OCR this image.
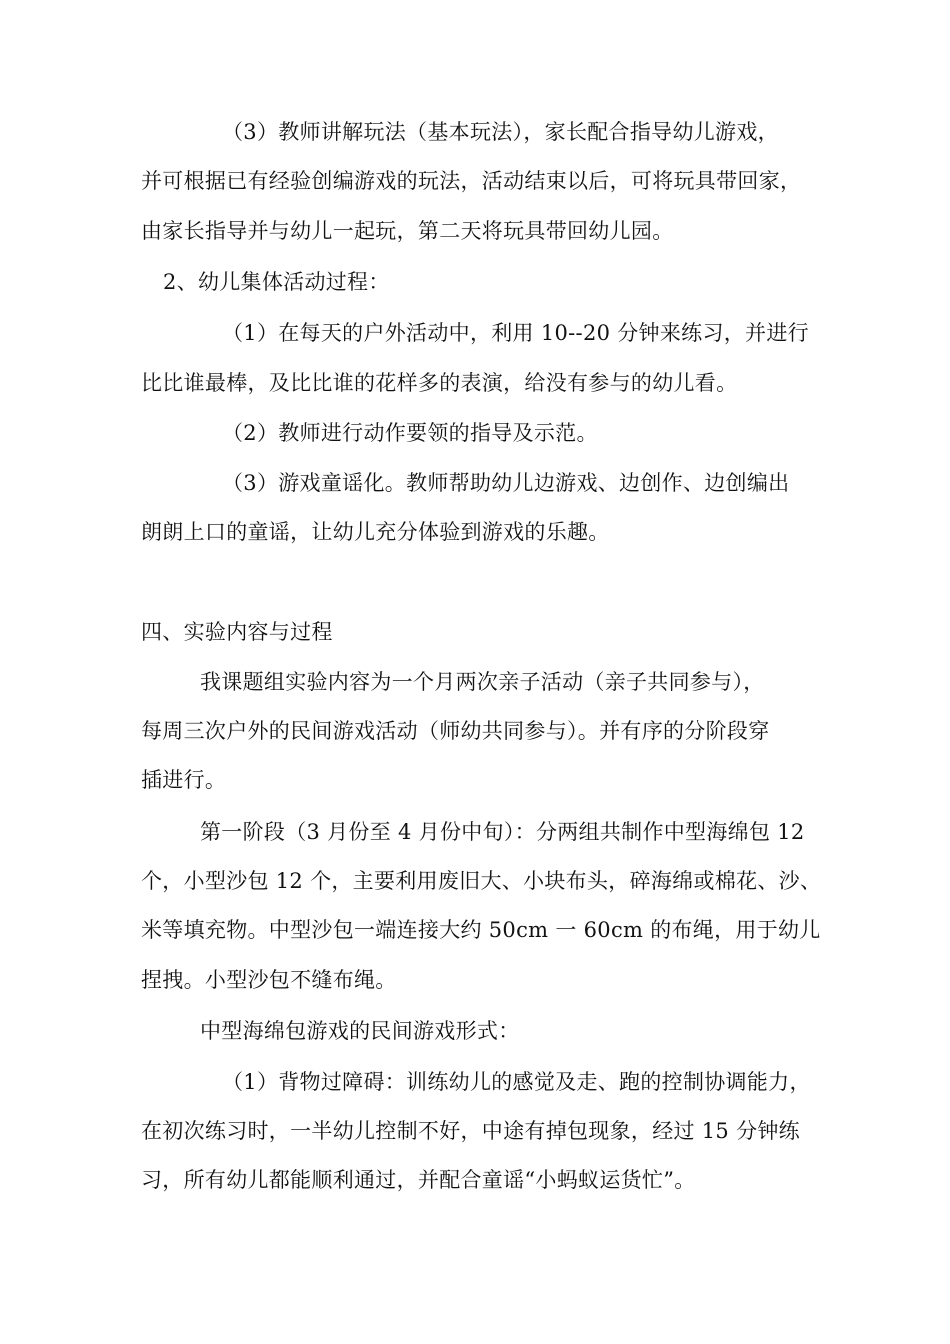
（3）教师讲解玩法（基本玩法），家长配合指导幼儿游戏，
并可根据已有经验创编游戏的玩法，活动结束以后，可将玩具带回家，
由家长指导并与幼儿一起玩，第二天将玩具带回幼儿园。
2、幼儿集体活动过程：
（1）在每天的户外活动中，利用 10--20 分钟来练习，并进行
比比谁最棒，及比比谁的花样多的表演，给没有参与的幼儿看。
（2）教师进行动作要领的指导及示范。
（3）游戏童谣化。教师帮助幼儿边游戏、边创作、边创编出
朗朗上口的童谣，让幼儿充分体验到游戏的乐趣。
四、实验内容与过程
我课题组实验内容为一个月两次亲子活动（亲子共同参与），
每周三次户外的民间游戏活动（师幼共同参与）。并有序的分阶段穿
插进行。
第一阶段（3 月份至 4 月份中旬）：分两组共制作中型海绵包 12
个，小型沙包 12 个，主要利用废旧大、小块布头，碎海绵或棉花、沙、
米等填充物。中型沙包一端连接大约 50cm 一 60cm 的布绳，用于幼儿
捏拽。小型沙包不缝布绳。
中型海绵包游戏的民间游戏形式：
（1）背物过障碍：训练幼儿的感觉及走、跑的控制协调能力，
在初次练习时，一半幼儿控制不好，中途有掉包现象，经过 15 分钟练
习，所有幼儿都能顺利通过，并配合童谣“小蚂蚁运货忙”。
